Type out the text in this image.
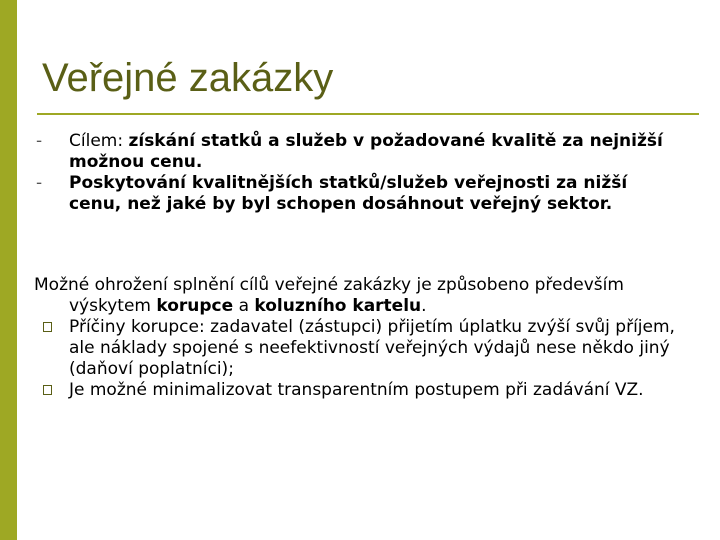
Veřejné zakázky
- Cílem: získání statků a služeb v požadované kvalitě za nejnižší možnou cenu.
- Poskytování kvalitnějších statků/služeb veřejnosti za nižší cenu, než jaké by byl schopen dosáhnout veřejný sektor.
Možné ohrožení splnění cílů veřejné zakázky je způsobeno především výskytem korupce a koluzního kartelu.
Příčiny korupce: zadavatel (zástupci) přijetím úplatku zvýší svůj příjem, ale náklady spojené s neefektivností veřejných výdajů nese někdo jiný (daňoví poplatníci);
Je možné minimalizovat transparentním postupem při zadávání VZ.
